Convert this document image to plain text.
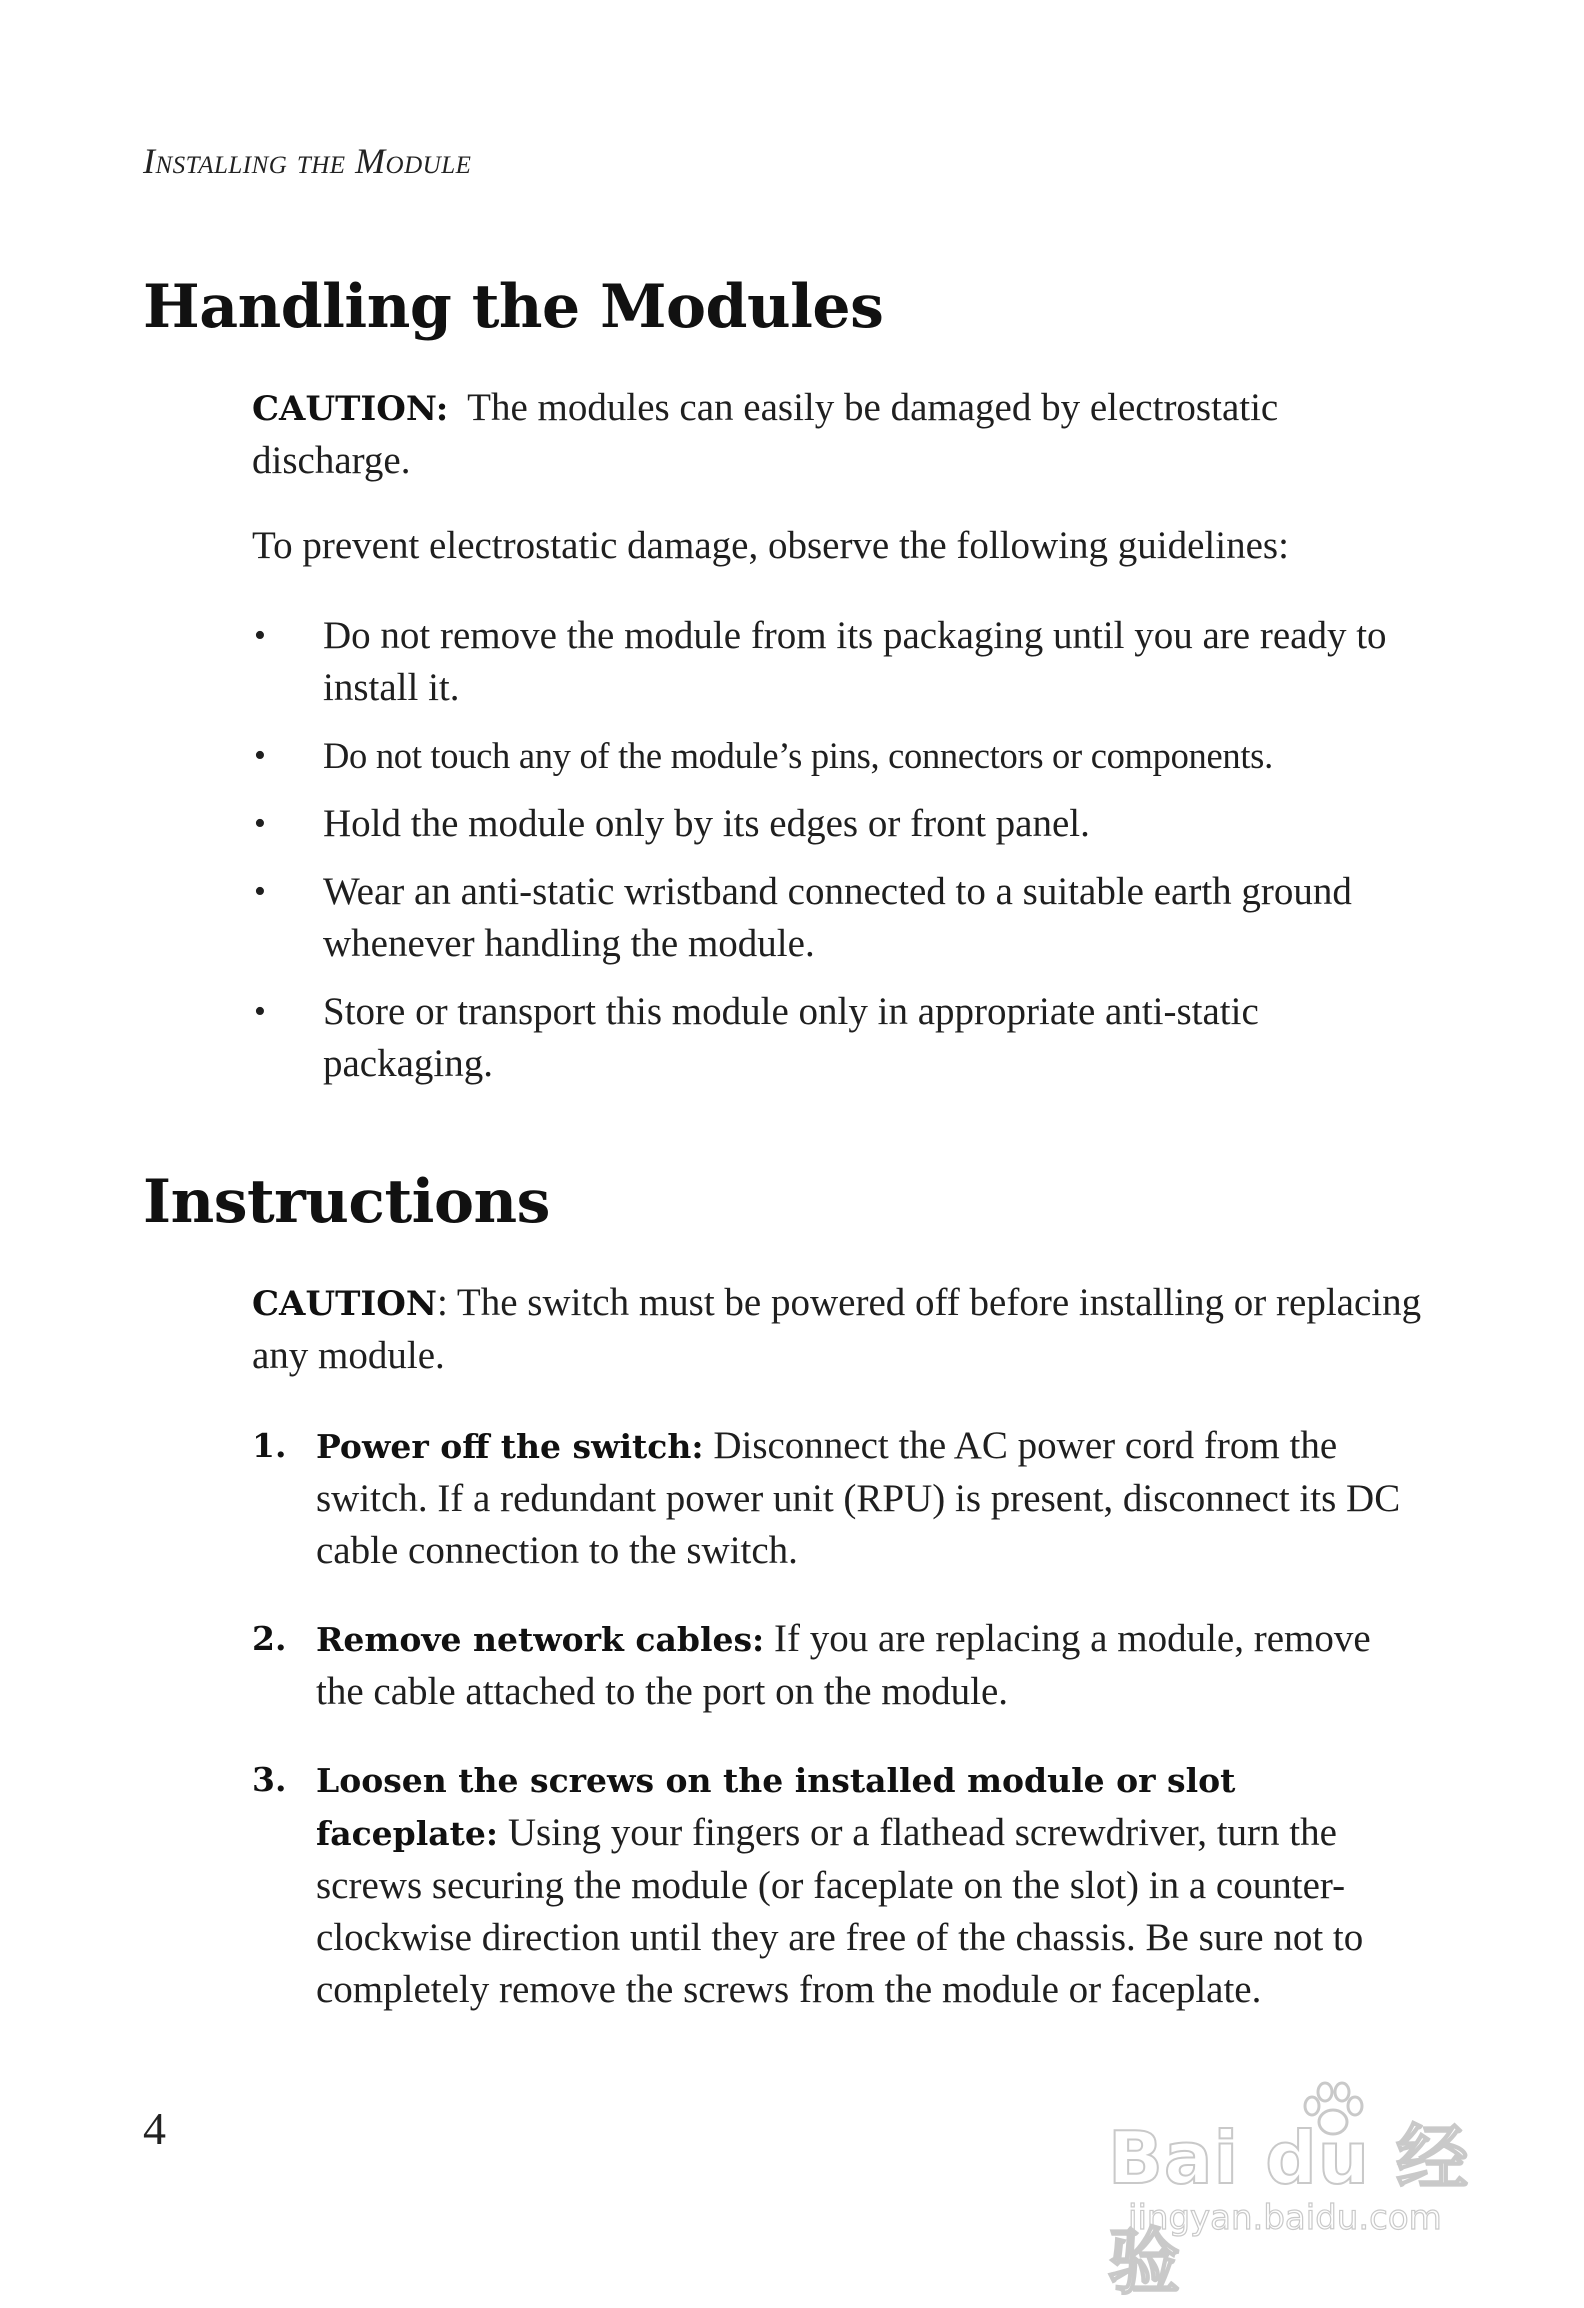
Installing the Module
Handling the Modules

CAUTION: The modules can easily be damaged by electrostatic discharge.

To prevent electrostatic damage, observe the following guidelines:

• Do not remove the module from its packaging until you are ready to install it.
• Do not touch any of the module’s pins, connectors or components.
• Hold the module only by its edges or front panel.
• Wear an anti-static wristband connected to a suitable earth ground whenever handling the module.
• Store or transport this module only in appropriate anti-static packaging.
Instructions

CAUTION: The switch must be powered off before installing or replacing any module.

1. Power off the switch: Disconnect the AC power cord from the switch. If a redundant power unit (RPU) is present, disconnect its DC cable connection to the switch.
2. Remove network cables: If you are replacing a module, remove the cable attached to the port on the module.
3. Loosen the screws on the installed module or slot faceplate: Using your fingers or a flathead screwdriver, turn the screws securing the module (or faceplate on the slot) in a counter-clockwise direction until they are free of the chassis. Be sure not to completely remove the screws from the module or faceplate.
4	Bai du 经验
jingyan.baidu.com
